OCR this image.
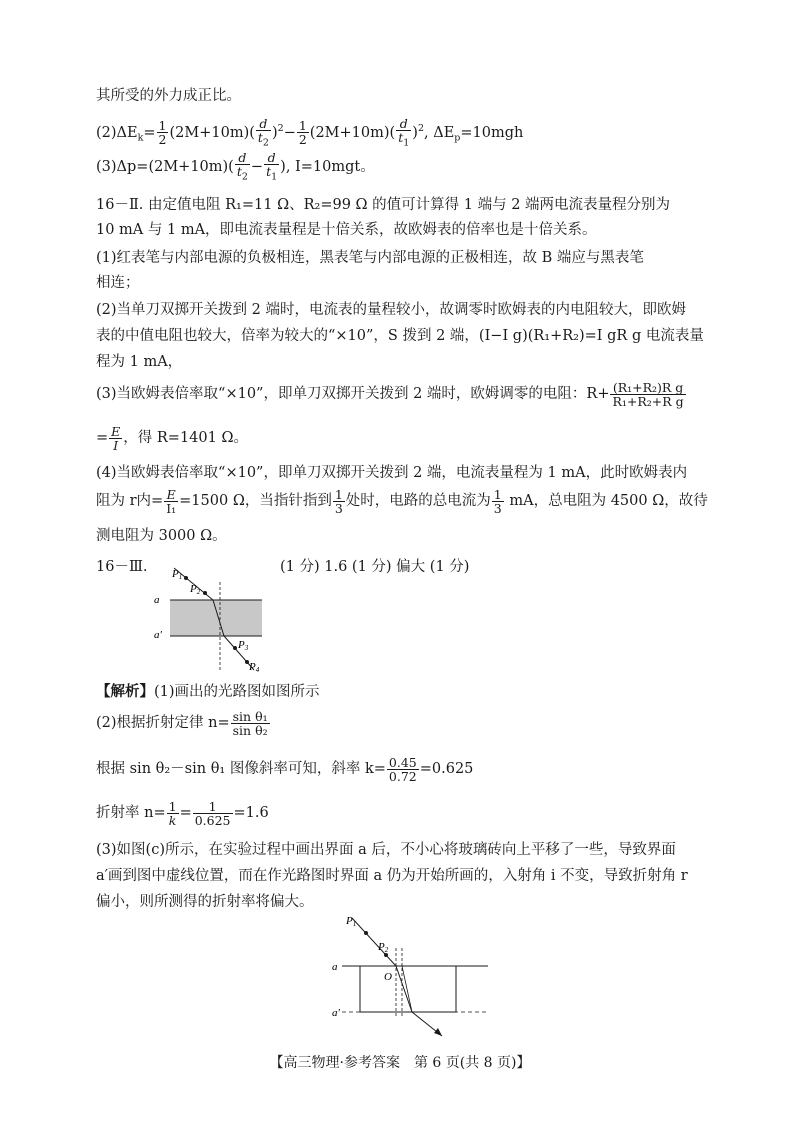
其所受的外力成正比。
$(2)\Delta E_k= \frac{1}{2} (2M+10m)( \frac{d}{t_2} )^2- \frac{1}{2} (2M+10m)( \frac{d}{t_1} )^2$, $\Delta E_p=10mgh$
$(3)\Delta p=(2M+10m)( \frac{d}{t_2} - \frac{d}{t_1}$ ), I=10mgt。
16－Ⅱ. 由定值电阻 R₁=11 Ω、R₂=99 Ω 的值可计算得 1 端与 2 端两电流表量程分别为
10 mA 与 1 mA，即电流表量程是十倍关系，故欧姆表的倍率也是十倍关系。
(1)红表笔与内部电源的负极相连，黑表笔与内部电源的正极相连，故 B 端应与黑表笔
相连；
(2)当单刀双掷开关拨到 2 端时，电流表的量程较小，故调零时欧姆表的内电阻较大，即欧姆
表的中值电阻也较大，倍率为较大的“×10”，S 拨到 2 端，(I−I g)(R₁+R₂)=I gR g 电流表量
程为 1 mA，
(3)当欧姆表倍率取“×10”，即单刀双掷开关拨到 2 端时，欧姆调零的电阻：$R+ \frac{\text{(R₁+R₂)R g}}{\text{R₁+R₂+R g}}$
= $\frac{E}{I}$ ，得 R=1401 Ω。
(4)当欧姆表倍率取“×10”，即单刀双掷开关拨到 2 端，电流表量程为 1 mA，此时欧姆表内
阻为 r内= $\frac{E}{\text{I₁}} =1500$ Ω，当指针指到 $\frac{1}{3}$ 处时，电路的总电流为 $\frac{1}{3}$ mA，总电阻为 4500 Ω，故待
测电阻为 3000 Ω。
16－Ⅲ.	(1 分) 1.6 (1 分) 偏大 (1 分)
P1
P2
P3
P4
a
a′
【解析】(1)画出的光路图如图所示
(2)根据折射定律 $n= \frac{\text{sin θ₁}}{\text{sin θ₂}}$
根据 sin θ₂－sin θ₁ 图像斜率可知，斜率 $k= \frac{0.45}{0.72} =0.625$
折射率 $n= \frac{1}{k} = \frac{1}{0.625} =1.6$
(3)如图(c)所示，在实验过程中画出界面 a 后，不小心将玻璃砖向上平移了一些，导致界面
a′画到图中虚线位置，而在作光路图时界面 a 仍为开始所画的，入射角 i 不变，导致折射角 r
偏小，则所测得的折射率将偏大。
P1
P2
O
a
a′
【高三物理·参考答案　第 6 页(共 8 页)】
